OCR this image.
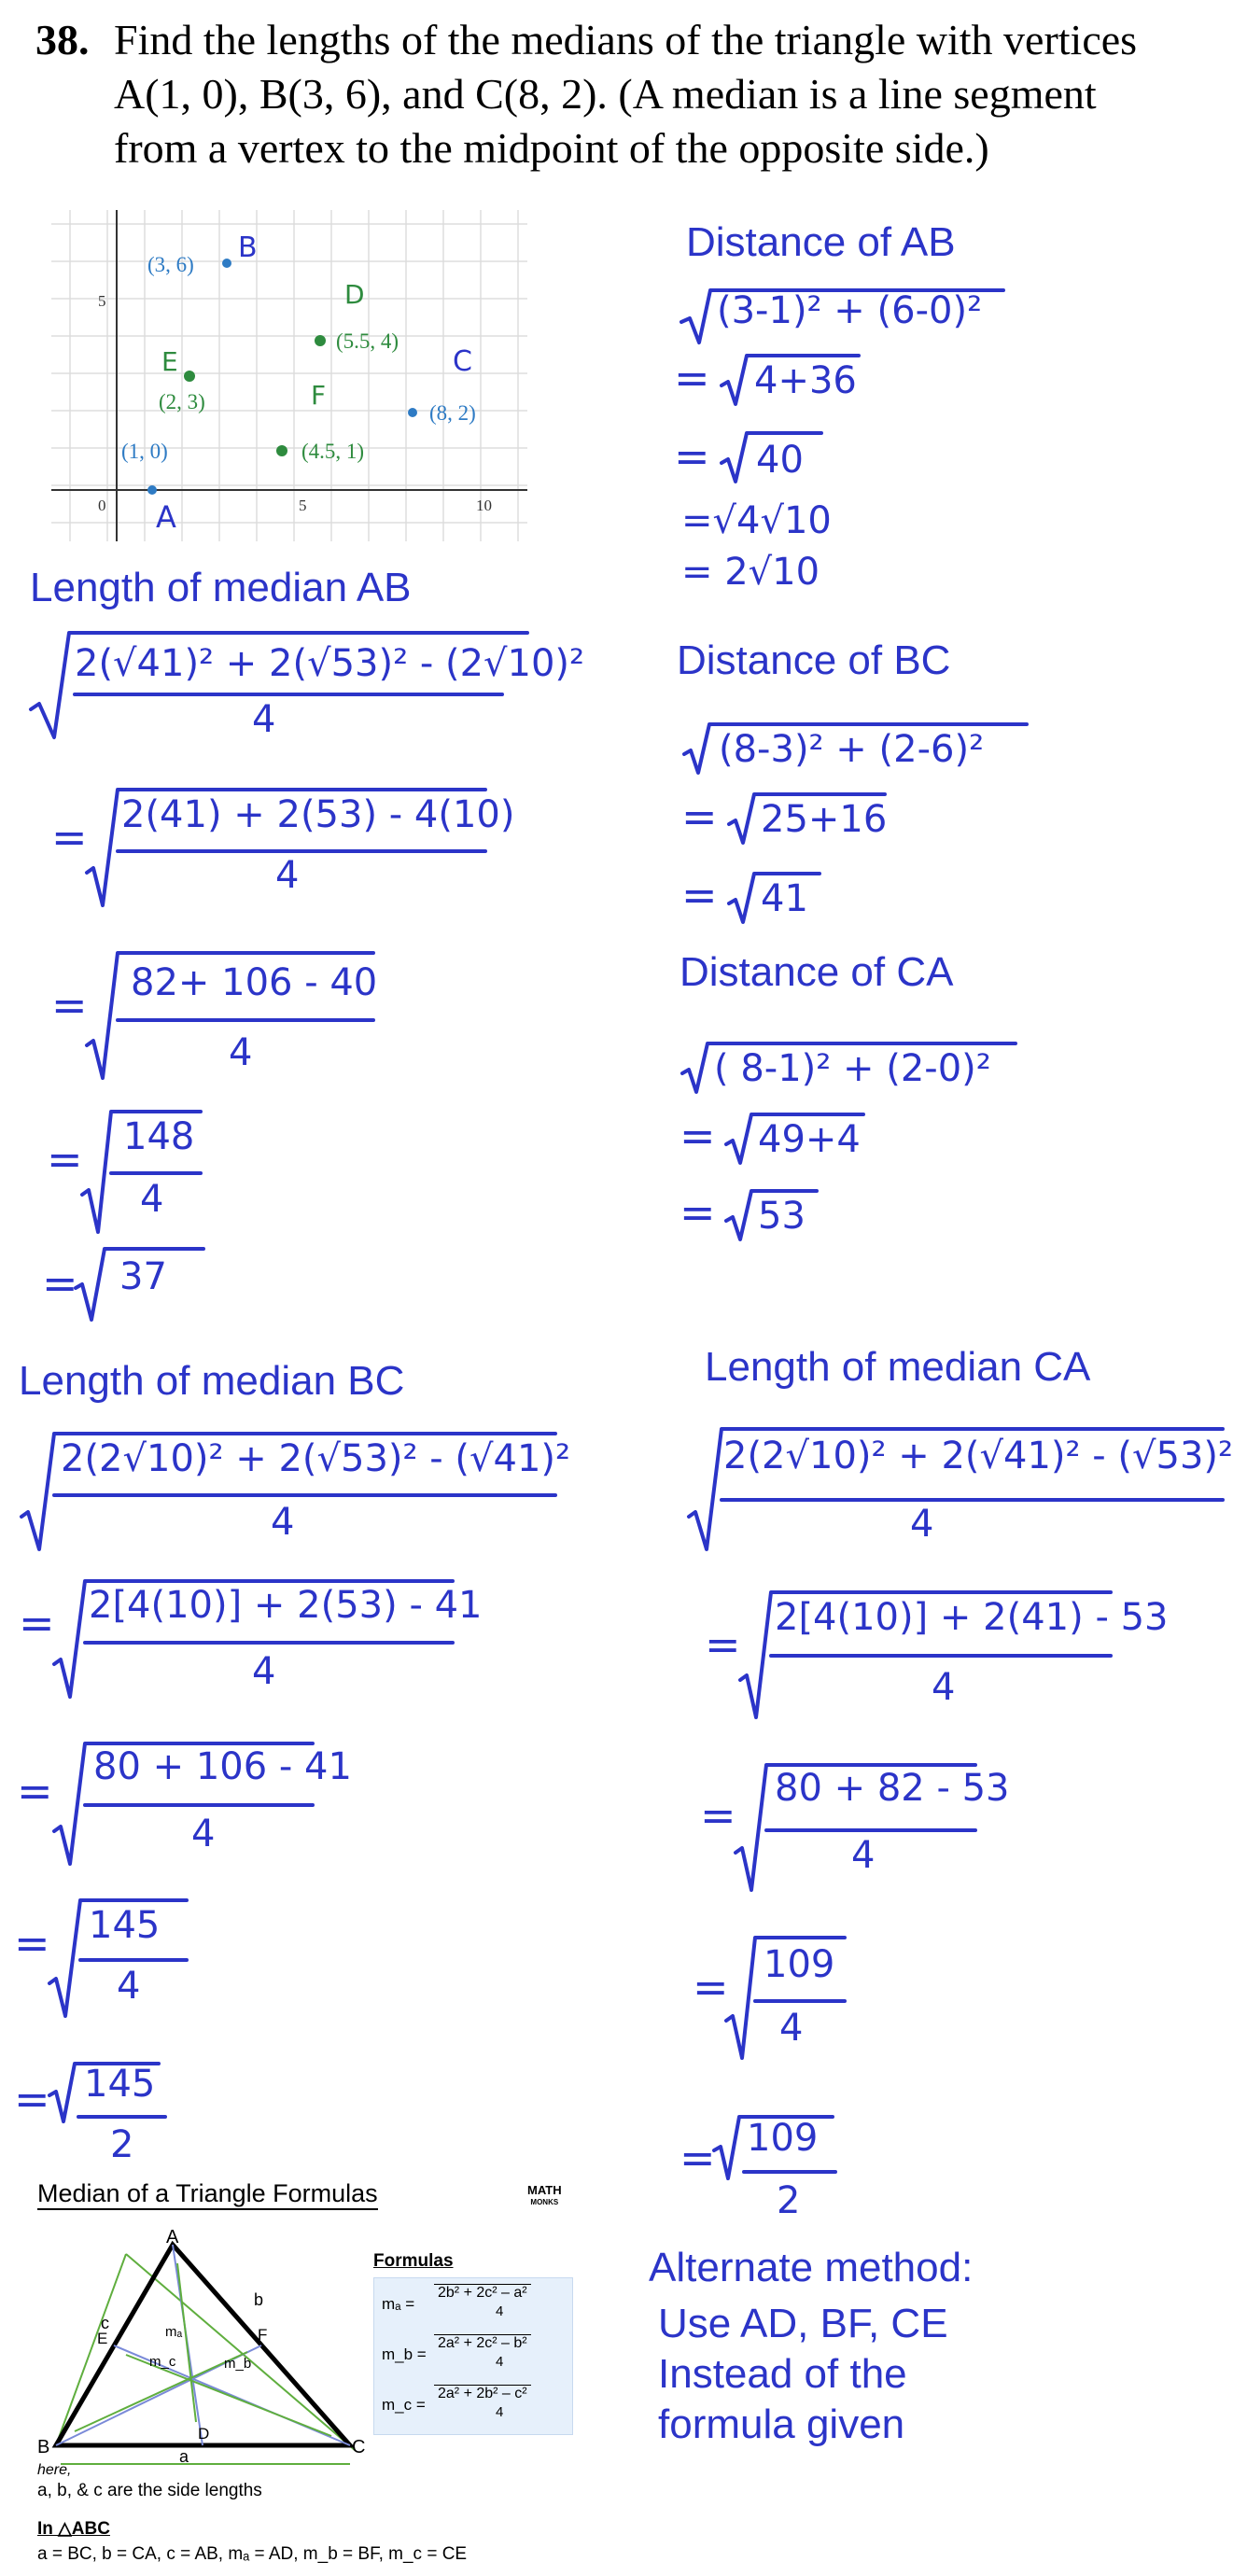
38. Find the lengths of the medians of the triangle with vertices
A(1, 0), B(3, 6), and C(8, 2). (A median is a line segment
from a vertex to the midpoint of the opposite side.)
0	5	10
5
(3, 6)
B
(5.5, 4)
D
(2, 3)
E
(8, 2)
C
(4.5, 1)
F
(1, 0)
A
Distance of AB
(3-1)² + (6-0)²
= 4+36
= 40
=√4√10
= 2√10
Length of median AB
2(√41)² + 2(√53)² - (2√10)²
4
= 2(41) + 2(53) - 4(10)
4
= 82+ 106 - 40
4
= 148
4
= 37
Distance of BC
(8-3)² + (2-6)²
= 25+16
= 41
Distance of CA
( 8-1)² + (2-0)²
= 49+4
= 53
Length of median BC
2(2√10)² + 2(√53)² - (√41)²
4
= 2[4(10)] + 2(53) - 41
4
= 80 + 106 - 41
4
= 145
4
= 145
2
Length of median CA
2(2√10)² + 2(√41)² - (√53)²
4
=
2[4(10)] + 2(41) - 53
4
=
80 + 82 - 53
4
= 109
4
= 109
2
Median of a Triangle Formulas	MATH
MONKS
A
B	C
D
E	F
a
b
c	mₐ
m_b
m_c
Formulas
mₐ =
2b² + 2c² – a²
4
m_b =
2a² + 2c² – b²
4
m_c =
2a² + 2b² – c²
4
here,
a, b, & c are the side lengths
In △ABC
a = BC, b = CA, c = AB, mₐ = AD, m_b = BF, m_c = CE
Alternate method:
Use AD, BF, CE
Instead of the
formula given
